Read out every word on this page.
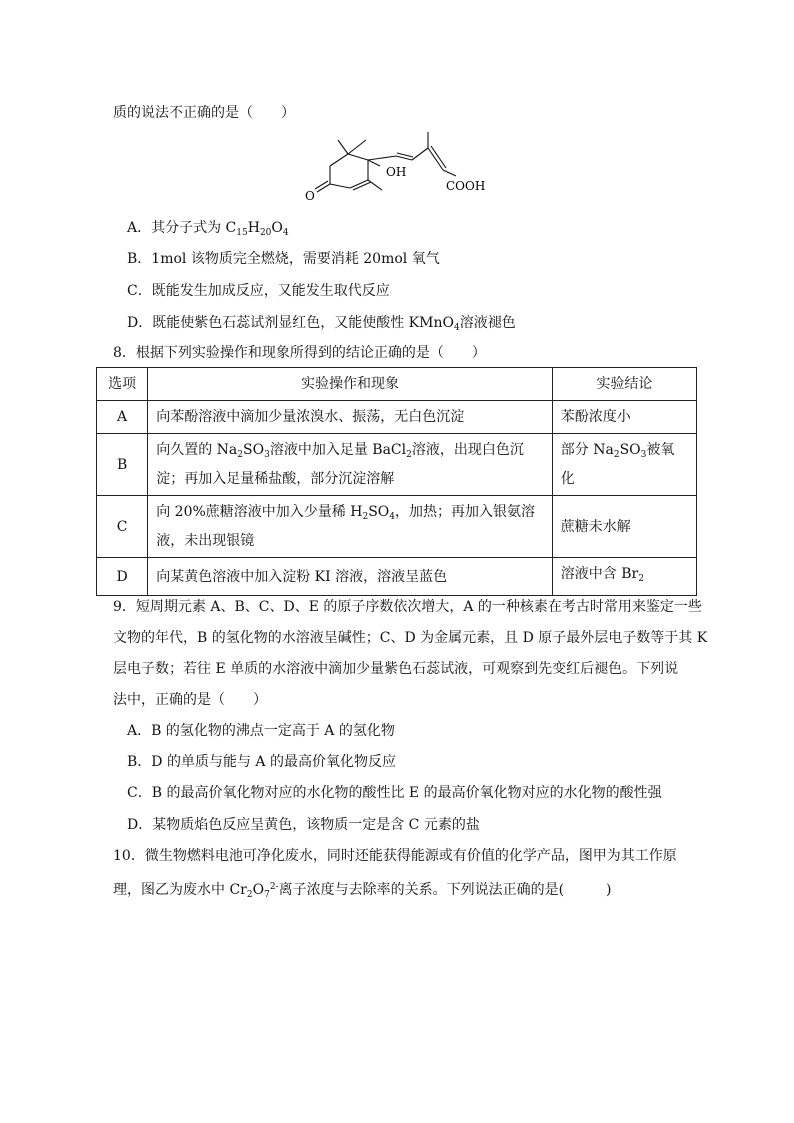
质的说法不正确的是（　　）
OH
COOH
O
A．其分子式为 $C_{15}H_{20}O_4$
B．1mol 该物质完全燃烧，需要消耗 20mol 氧气
C．既能发生加成反应，又能发生取代反应
D．既能使紫色石蕊试剂显红色，又能使酸性 KMnO$_4$溶液褪色
8．根据下列实验操作和现象所得到的结论正确的是（　　）
选项	实验操作和现象	实验结论
A	向苯酚溶液中滴加少量浓溴水、振荡，无白色沉淀	苯酚浓度小
B	向久置的 $Na_2SO_3$溶液中加入足量 BaCl$_2$溶液，出现白色沉淀；再加入足量稀盐酸，部分沉淀溶解	部分 $Na_2SO_3$被氧化
C	向 20%蔗糖溶液中加入少量稀 $H_2SO_4$，加热；再加入银氨溶液，未出现银镜	蔗糖未水解
D	向某黄色溶液中加入淀粉 KI 溶液，溶液呈蓝色	溶液中含 $Br_2$
9．短周期元素 A、B、C、D、E 的原子序数依次增大，A 的一种核素在考古时常用来鉴定一些
文物的年代，B 的氢化物的水溶液呈碱性；C、D 为金属元素，且 D 原子最外层电子数等于其 K
层电子数；若往 E 单质的水溶液中滴加少量紫色石蕊试液，可观察到先变红后褪色。下列说
法中，正确的是（　　）
A．B 的氢化物的沸点一定高于 A 的氢化物
B．D 的单质与能与 A 的最高价氧化物反应
C．B 的最高价氧化物对应的水化物的酸性比 E 的最高价氧化物对应的水化物的酸性强
D．某物质焰色反应呈黄色，该物质一定是含 C 元素的盐
10．微生物燃料电池可净化废水，同时还能获得能源或有价值的化学产品，图甲为其工作原
理，图乙为废水中 $Cr_2O_7^{2-}$离子浓度与去除率的关系。下列说法正确的是(　　　)
